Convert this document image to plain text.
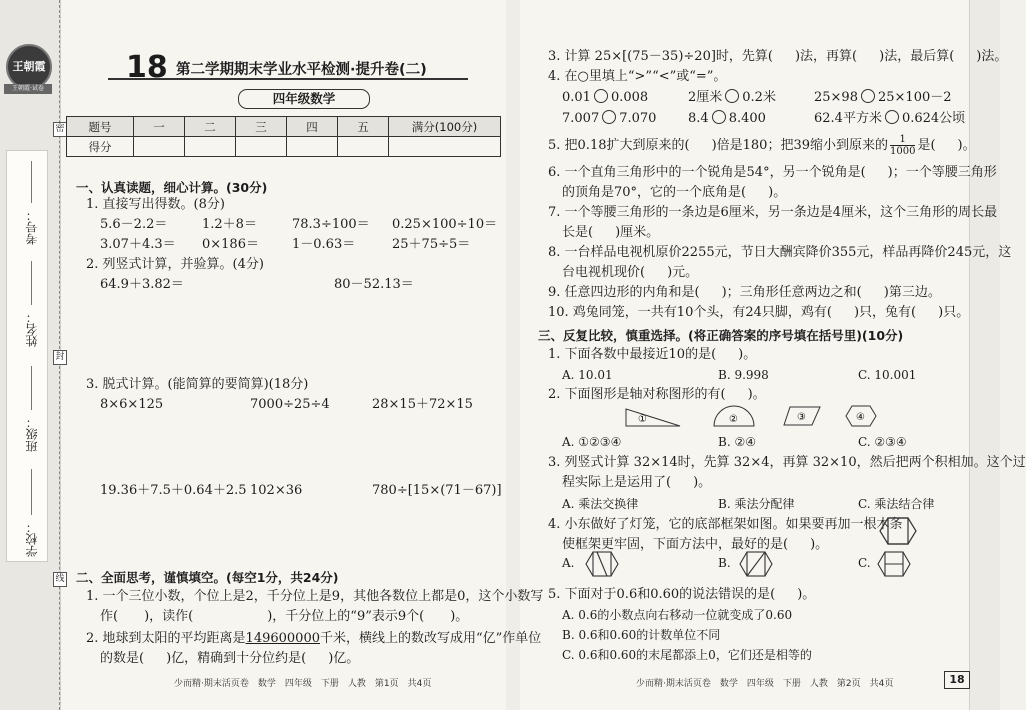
王朝霞
王朝霞·试卷
考号：
姓名：
班级：
学校：
密
封
线
18 第二学期期末学业水平检测·提升卷(二)
四年级数学
题号	一	二	三	四	五	满分(100分)
得分						
一、认真读题，细心计算。(30分)
1. 直接写出得数。(8分)
5.6－2.2＝	1.2＋8＝	78.3÷100＝ 0.25×100÷10＝
3.07＋4.3＝ 0×186＝	1－0.63＝	25＋75÷5＝
2. 列竖式计算，并验算。(4分)
64.9＋3.82＝	80－52.13＝
3. 脱式计算。(能简算的要简算)(18分)
8×6×125	7000÷25÷4	28×15＋72×15
19.36＋7.5＋0.64＋2.5 102×36	780÷[15×(71－67)]
二、全面思考，谨慎填空。(每空1分，共24分)
1. 一个三位小数，个位上是2，千分位上是9，其他各数位上都是0，这个小数写
作( )，读作(	)，千分位上的“9”表示9个( )。
2. 地球到太阳的平均距离是149600000千米，横线上的数改写成用“亿”作单位
的数是( )亿，精确到十分位约是( )亿。
少而精·期末活页卷　数学　四年级　下册　人教　第1页　共4页
3. 计算 25×[(75－35)÷20]时，先算( )法，再算( )法，最后算( )法。
4. 在○里填上“>”“<”或“=”。
0.01 0.008	2厘米 0.2米	25×98 25×100－2
7.007 7.070 8.4 8.400	62.4平方米 0.624公顷
5. 把0.18扩大到原来的( )倍是180；把39缩小到原来的 $\frac{1}{1000}$ 是( )。
6. 一个直角三角形中的一个锐角是54°，另一个锐角是( )；一个等腰三角形
的顶角是70°，它的一个底角是( )。
7. 一个等腰三角形的一条边是6厘米，另一条边是4厘米，这个三角形的周长最
长是( )厘米。
8. 一台样品电视机原价2255元，节日大酬宾降价355元，样品再降价245元，这
台电视机现价( )元。
9. 任意四边形的内角和是( )；三角形任意两边之和( )第三边。
10. 鸡兔同笼，一共有10个头，有24只脚，鸡有( )只，兔有( )只。
三、反复比较，慎重选择。(将正确答案的序号填在括号里)(10分)
1. 下面各数中最接近10的是( )。
A. 10.01	B. 9.998	C. 10.001
2. 下面图形是轴对称图形的有( )。
①	②	③	④
A. ①②③④	B. ②④	C. ②③④
3. 列竖式计算 32×14时，先算 32×4，再算 32×10，然后把两个积相加。这个过
程实际上是运用了( )。
A. 乘法交换律	B. 乘法分配律	C. 乘法结合律
4. 小东做好了灯笼，它的底部框架如图。如果要再加一根木条
使框架更牢固，下面方法中，最好的是( )。
A.	B.	C.
5. 下面对于0.6和0.60的说法错误的是( )。
A. 0.6的小数点向右移动一位就变成了0.60
B. 0.6和0.60的计数单位不同
C. 0.6和0.60的末尾都添上0，它们还是相等的
少而精·期末活页卷　数学　四年级　下册　人教　第2页　共4页	18
